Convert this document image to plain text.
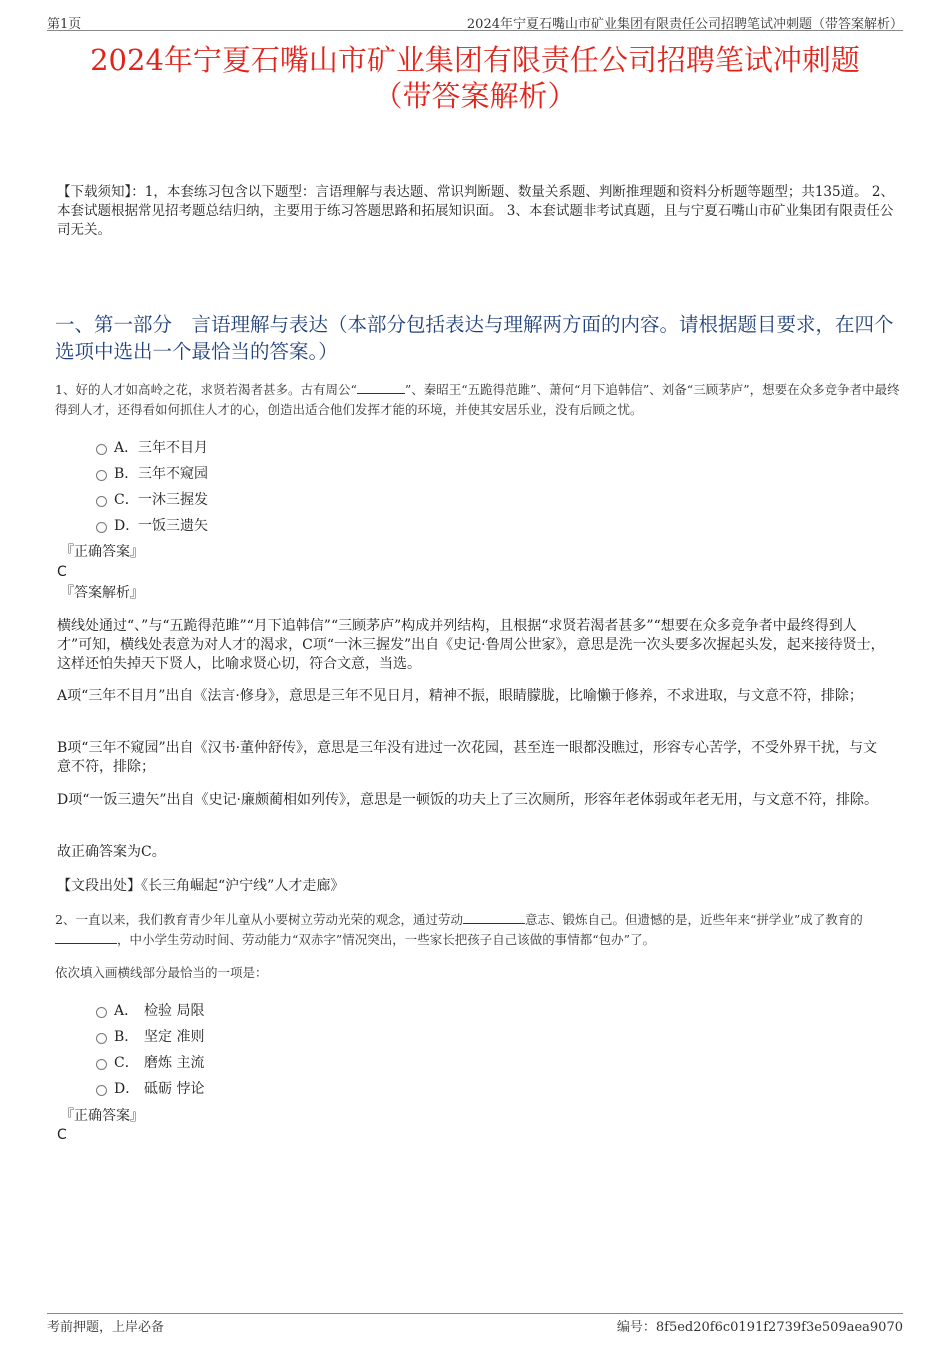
第1页	2024年宁夏石嘴山市矿业集团有限责任公司招聘笔试冲刺题（带答案解析）
2024年宁夏石嘴山市矿业集团有限责任公司招聘笔试冲刺题
（带答案解析）
【下载须知】：1，本套练习包含以下题型：言语理解与表达题、常识判断题、数量关系题、判断推理题和资料分析题等题型；共135道。 2、本套试题根据常见招考题总结归纳，主要用于练习答题思路和拓展知识面。 3、本套试题非考试真题，且与宁夏石嘴山市矿业集团有限责任公司无关。
一、第一部分　言语理解与表达（本部分包括表达与理解两方面的内容。请根据题目要求，在四个选项中选出一个最恰当的答案。）
1、好的人才如高岭之花，求贤若渴者甚多。古有周公“	”、秦昭王“五跪得范雎”、萧何“月下追韩信”、刘备“三顾茅庐”，想要在众多竞争者中最终得到人才，还得看如何抓住人才的心，创造出适合他们发挥才能的环境，并使其安居乐业，没有后顾之忧。
A． 三年不目月
B． 三年不窥园
C． 一沐三握发
D．
一饭三遗矢
『正确答案』
C
『答案解析』
横线处通过“、”与“五跪得范雎”“月下追韩信”“三顾茅庐”构成并列结构，且根据“求贤若渴者甚多”“想要在众多竞争者中最终得到人才”可知，横线处表意为对人才的渴求，C项“一沐三握发”出自《史记·鲁周公世家》，意思是洗一次头要多次握起头发，起来接待贤士，这样还怕失掉天下贤人，比喻求贤心切，符合文意，当选。
A项“三年不目月”出自《法言·修身》，意思是三年不见日月，精神不振，眼睛朦胧，比喻懒于修养，不求进取，与文意不符，排除；
B项“三年不窥园”出自《汉书·董仲舒传》，意思是三年没有进过一次花园，甚至连一眼都没瞧过，形容专心苦学，不受外界干扰，与文意不符，排除；
D项“一饭三遗矢”出自《史记·廉颇蔺相如列传》，意思是一顿饭的功夫上了三次厕所，形容年老体弱或年老无用，与文意不符，排除。
故正确答案为C。
【文段出处】《长三角崛起“沪宁线”人才走廊》
2、一直以来，我们教育青少年儿童从小要树立劳动光荣的观念，通过劳动	意志、锻炼自己。但遗憾的是，近些年来“拼学业”成了教育的，中小学生劳动时间、劳动能力“双赤字”情况突出，一些家长把孩子自己该做的事情都“包办”了。
依次填入画横线部分最恰当的一项是：
A． 检验 局限
B． 坚定 准则
C． 磨炼 主流
D． 砥砺 悖论
『正确答案』
C
考前押题，上岸必备	编号：8f5ed20f6c0191f2739f3e509aea9070
